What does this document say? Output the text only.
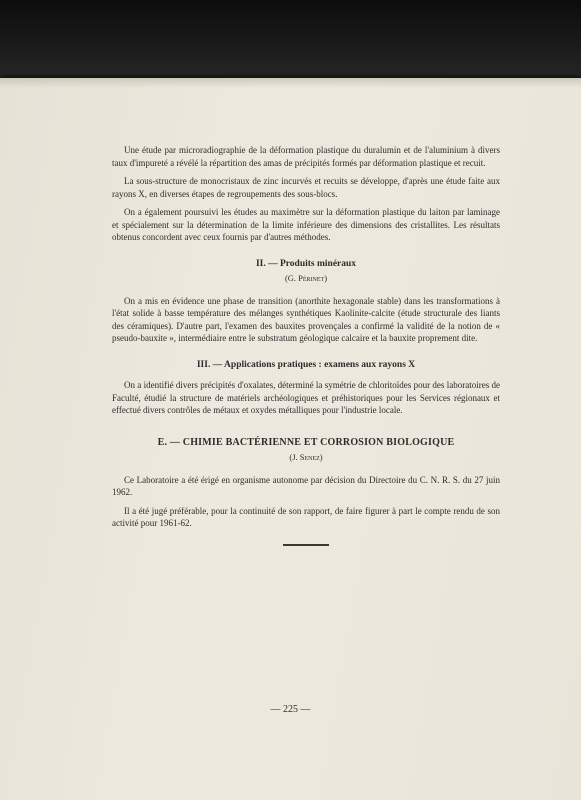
Une étude par microradiographie de la déformation plastique du duralumin et de l'aluminium à divers taux d'impureté a révélé la répartition des amas de précipités formés par déformation plastique et recuit.

La sous-structure de monocristaux de zinc incurvés et recuits se développe, d'après une étude faite aux rayons X, en diverses étapes de regroupements des sous-blocs.

On a également poursuivi les études au maximètre sur la déformation plastique du laiton par laminage et spécialement sur la détermination de la limite inférieure des dimensions des cristallites. Les résultats obtenus concordent avec ceux fournis par d'autres méthodes.

II. — Produits minéraux
(G. Périnet)

On a mis en évidence une phase de transition (anorthite hexagonale stable) dans les transformations à l'état solide à basse température des mélanges synthétiques Kaolinite-calcite (étude structurale des liants des céramiques). D'autre part, l'examen des bauxites provençales a confirmé la validité de la notion de « pseudo-bauxite », intermédiaire entre le substratum géologique calcaire et la bauxite proprement dite.

III. — Applications pratiques : examens aux rayons X

On a identifié divers précipités d'oxalates, déterminé la symétrie de chloritoïdes pour des laboratoires de Faculté, étudié la structure de matériels archéologiques et préhistoriques pour les Services régionaux et effectué divers contrôles de métaux et oxydes métalliques pour l'industrie locale.

E. — CHIMIE BACTÉRIENNE ET CORROSION BIOLOGIQUE
(J. Senez)

Ce Laboratoire a été érigé en organisme autonome par décision du Directoire du C. N. R. S. du 27 juin 1962.

Il a été jugé préférable, pour la continuité de son rapport, de faire figurer à part le compte rendu de son activité pour 1961-62.

— 225 —
